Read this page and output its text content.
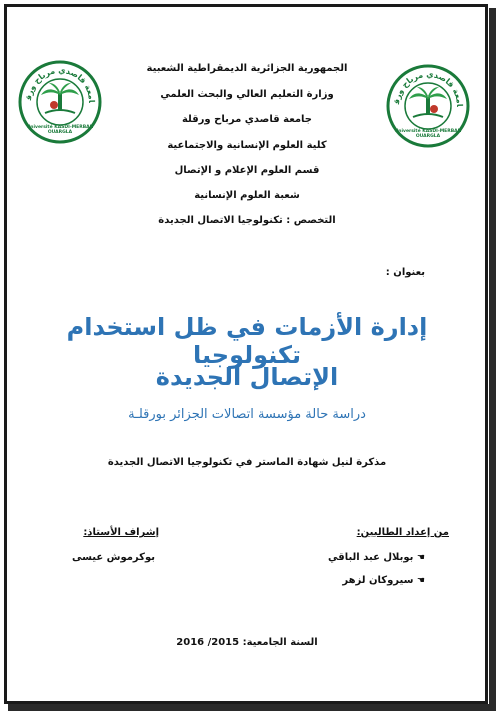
امعة قاصدي مرباح ورق
Université KASDI-MERBAH OUARGLA
امعة قاصدي مرباح ورق
Université KASDI-MERBAH OUARGLA
الجمهورية الجزائرية الديمقراطية الشعبية
وزارة التعليم العالي والبحث العلمي
جامعة قاصدي مرباح ورقلة
كلية العلوم الإنسانية والاجتماعية
قسم العلوم الإعلام و الإتصال
شعبة العلوم الإنسانية
التخصص : تكنولوجيا الاتصال الجديدة
بعنوان :
إدارة الأزمات في ظل استخدام تكنولوجيا
الإتصال الجديدة
دراسة حالة مؤسسة اتصالات الجزائر بورقلـة
مذكرة لنيل شهادة الماستر في تكنولوجيا الاتصال الجديدة
من إعداد الطالبين:
☚ بوبلال عبد الباقي
☚ سيروكان لزهر
إشراف الأستاذ:
بوكرموش عيسى
السنة الجامعية: 2015/ 2016
